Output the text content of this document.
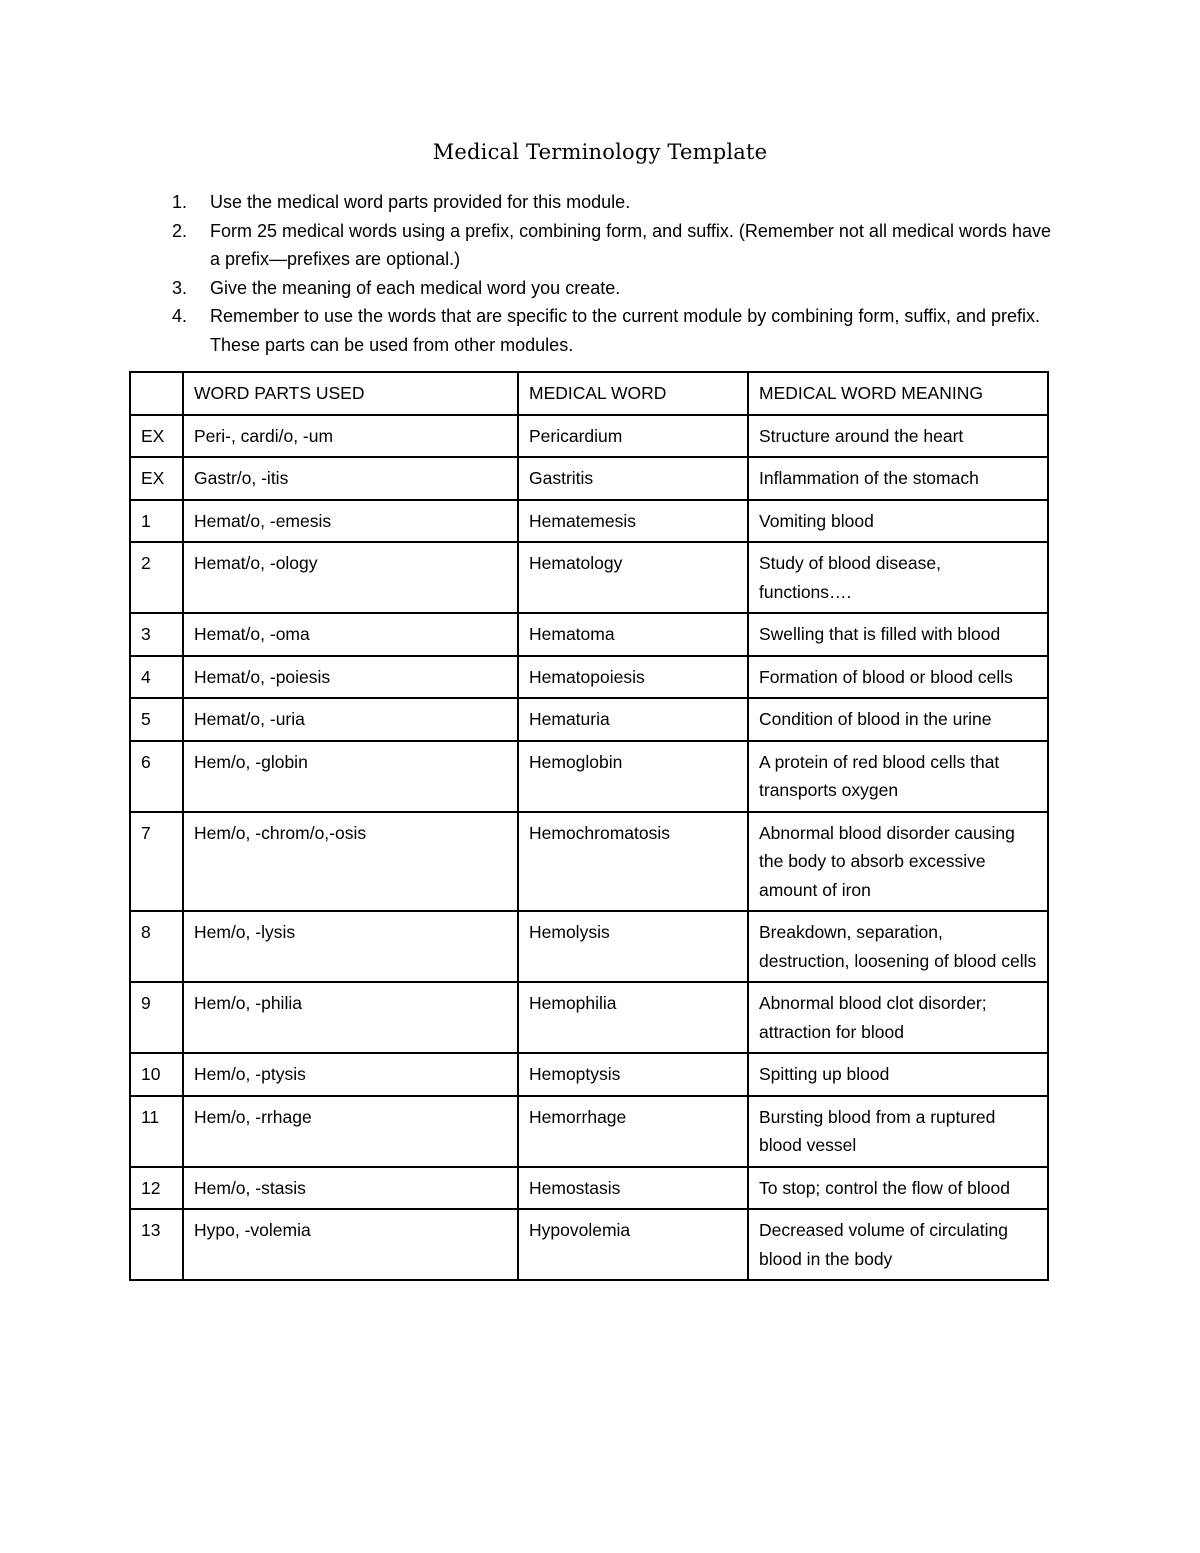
Medical Terminology Template
1. Use the medical word parts provided for this module.
2. Form 25 medical words using a prefix, combining form, and suffix. (Remember not all medical words have a prefix—prefixes are optional.)
3. Give the meaning of each medical word you create.
4. Remember to use the words that are specific to the current module by combining form, suffix, and prefix. These parts can be used from other modules.
	WORD PARTS USED	MEDICAL WORD	MEDICAL WORD MEANING
EX	Peri-, cardi/o, -um	Pericardium	Structure around the heart
EX	Gastr/o, -itis	Gastritis	Inflammation of the stomach
1	Hemat/o, -emesis	Hematemesis	Vomiting blood
2	Hemat/o, -ology	Hematology	Study of blood disease, functions….
3	Hemat/o, -oma	Hematoma	Swelling that is filled with blood
4	Hemat/o, -poiesis	Hematopoiesis	Formation of blood or blood cells
5	Hemat/o, -uria	Hematuria	Condition of blood in the urine
6	Hem/o, -globin	Hemoglobin	A protein of red blood cells that transports oxygen
7	Hem/o, -chrom/o,-osis	Hemochromatosis	Abnormal blood disorder causing the body to absorb excessive amount of iron
8	Hem/o, -lysis	Hemolysis	Breakdown, separation, destruction, loosening of blood cells
9	Hem/o, -philia	Hemophilia	Abnormal blood clot disorder; attraction for blood
10	Hem/o, -ptysis	Hemoptysis	Spitting up blood
11	Hem/o, -rrhage	Hemorrhage	Bursting blood from a ruptured blood vessel
12	Hem/o, -stasis	Hemostasis	To stop; control the flow of blood
13	Hypo, -volemia	Hypovolemia	Decreased volume of circulating blood in the body
